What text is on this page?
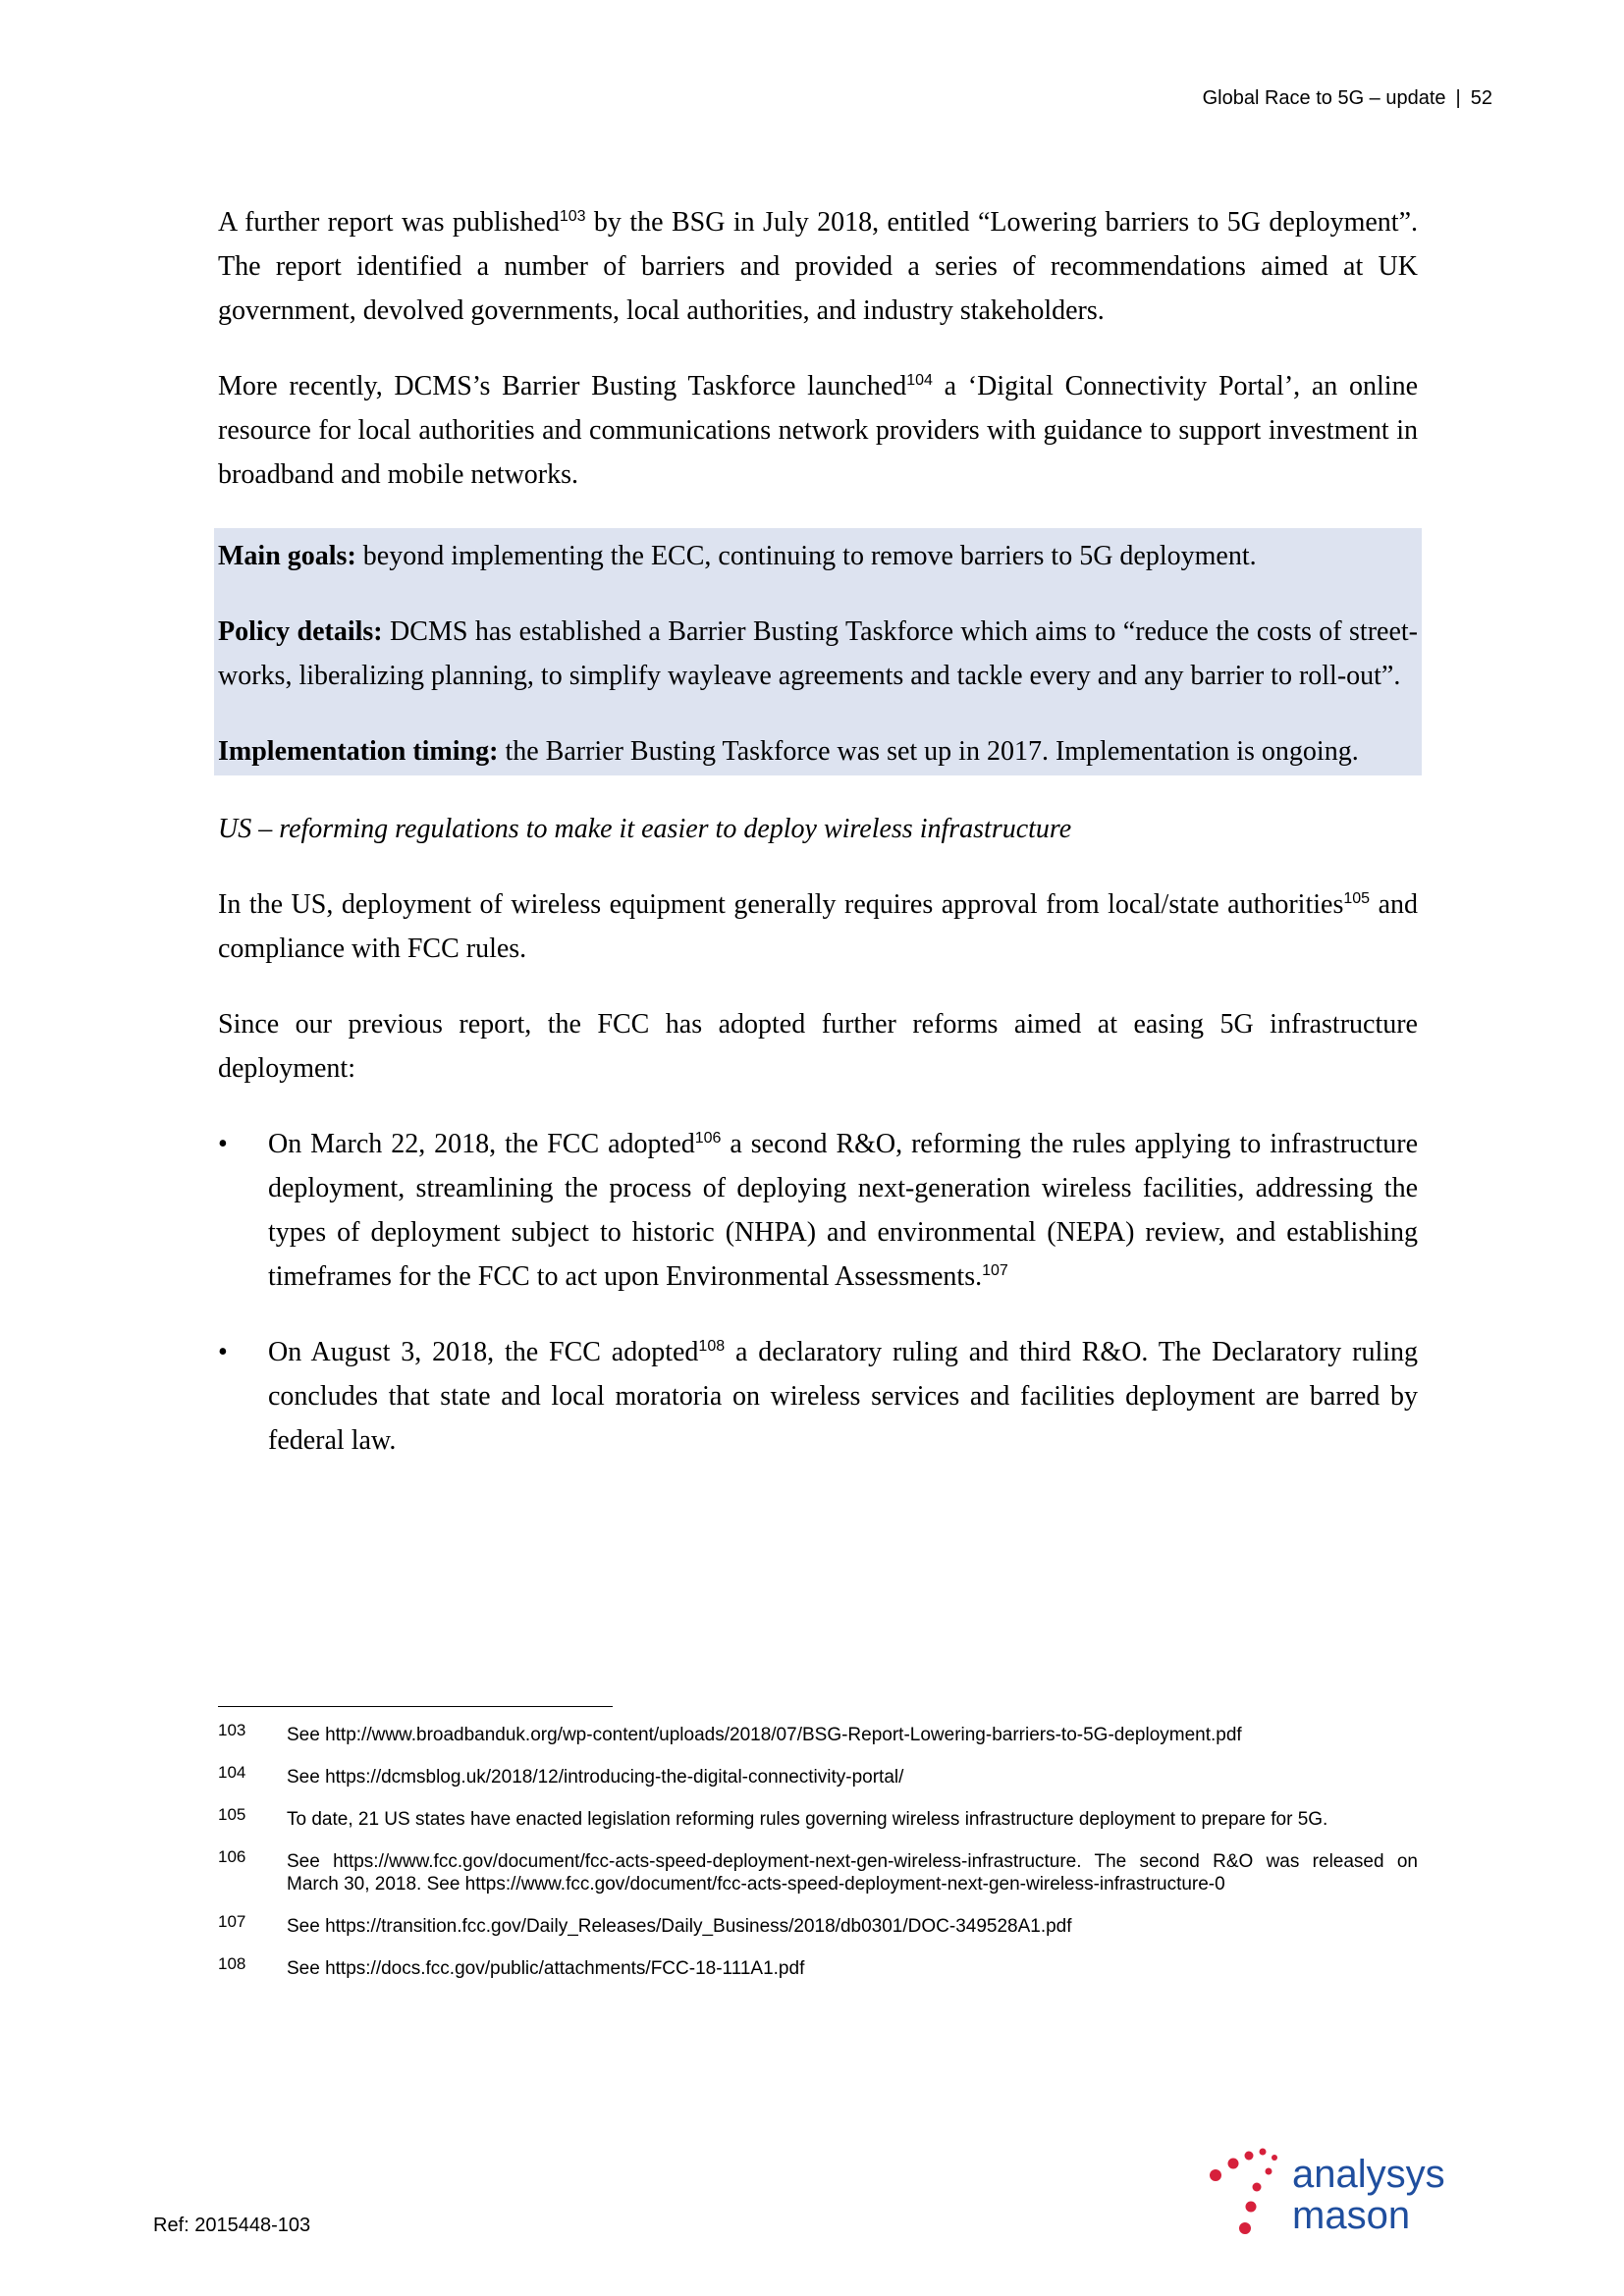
Global Race to 5G – update | 52

A further report was published$^{103}$ by the BSG in July 2018, entitled “Lowering barriers to 5G deployment”. The report identified a number of barriers and provided a series of recommendations aimed at UK government, devolved governments, local authorities, and industry stakeholders.

More recently, DCMS’s Barrier Busting Taskforce launched$^{104}$ a ‘Digital Connectivity Portal’, an online resource for local authorities and communications network providers with guidance to support investment in broadband and mobile networks.

Main goals: beyond implementing the ECC, continuing to remove barriers to 5G deployment.

Policy details: DCMS has established a Barrier Busting Taskforce which aims to “reduce the costs of street-works, liberalizing planning, to simplify wayleave agreements and tackle every and any barrier to roll-out”.

Implementation timing: the Barrier Busting Taskforce was set up in 2017. Implementation is ongoing.

US – reforming regulations to make it easier to deploy wireless infrastructure

In the US, deployment of wireless equipment generally requires approval from local/state authorities$^{105}$ and compliance with FCC rules.

Since our previous report, the FCC has adopted further reforms aimed at easing 5G infrastructure deployment:

• On March 22, 2018, the FCC adopted$^{106}$ a second R&O, reforming the rules applying to infrastructure deployment, streamlining the process of deploying next-generation wireless facilities, addressing the types of deployment subject to historic (NHPA) and environmental (NEPA) review, and establishing timeframes for the FCC to act upon Environmental Assessments.$^{107}$
• On August 3, 2018, the FCC adopted$^{108}$ a declaratory ruling and third R&O. The Declaratory ruling concludes that state and local moratoria on wireless services and facilities deployment are barred by federal law.
103 See http://www.broadbanduk.org/wp-content/uploads/2018/07/BSG-Report-Lowering-barriers-to-5G-deployment.pdf
104 See https://dcmsblog.uk/2018/12/introducing-the-digital-connectivity-portal/
105 To date, 21 US states have enacted legislation reforming rules governing wireless infrastructure deployment to prepare for 5G.
106 See https://www.fcc.gov/document/fcc-acts-speed-deployment-next-gen-wireless-infrastructure. The second R&O was released on March 30, 2018. See https://www.fcc.gov/document/fcc-acts-speed-deployment-next-gen-wireless-infrastructure-0
107 See https://transition.fcc.gov/Daily_Releases/Daily_Business/2018/db0301/DOC-349528A1.pdf
108 See https://docs.fcc.gov/public/attachments/FCC-18-111A1.pdf
Ref: 2015448-103
analysys
mason
